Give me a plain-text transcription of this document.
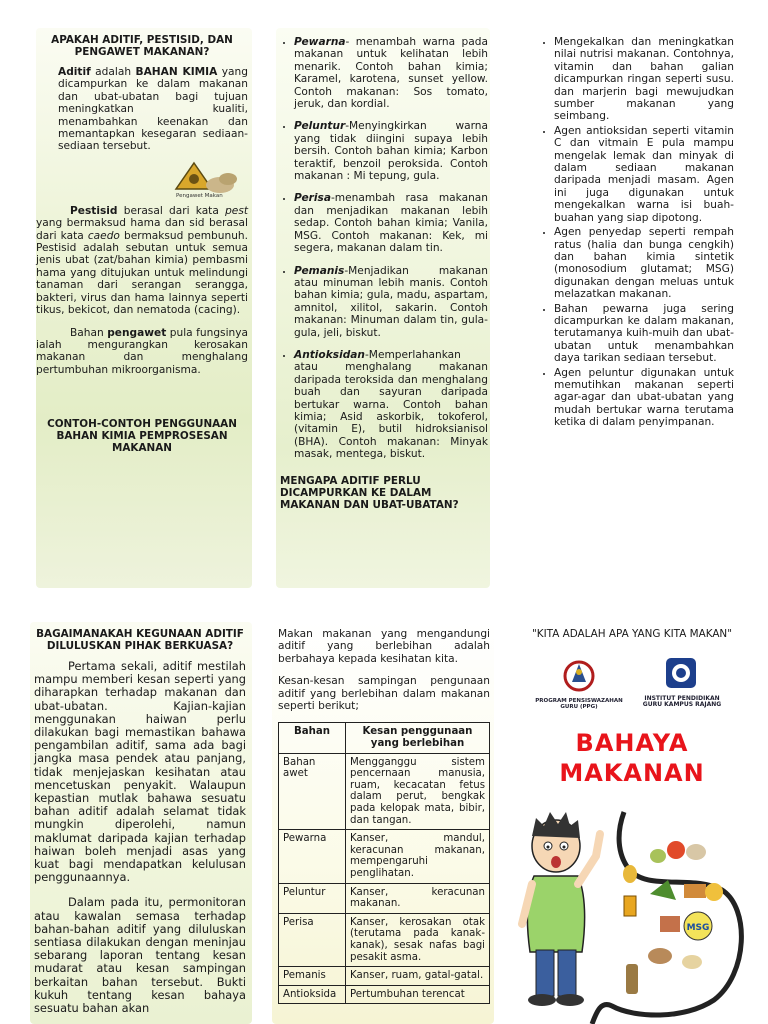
APAKAH ADITIF, PESTISID, DAN PENGAWET MAKANAN?

Aditif adalah BAHAN KIMIA yang dicampurkan ke dalam makanan dan ubat-ubatan bagi tujuan meningkatkan kualiti, menambahkan keenakan dan memantapkan kesegaran sediaan-sediaan tersebut.

Pengawet Makan

Pestisid berasal dari kata pest yang bermaksud hama dan sid berasal dari kata caedo bermaksud pembunuh. Pestisid adalah sebutan untuk semua jenis ubat (zat/bahan kimia) pembasmi hama yang ditujukan untuk melindungi tanaman dari serangan serangga, bakteri, virus dan hama lainnya seperti tikus, bekicot, dan nematoda (cacing).

Bahan pengawet pula fungsinya ialah mengurangkan kerosakan makanan dan menghalang pertumbuhan mikroorganisma.

CONTOH-CONTOH PENGGUNAAN BAHAN KIMIA PEMPROSESAN MAKANAN
• Pewarna- menambah warna pada makanan untuk kelihatan lebih menarik. Contoh bahan kimia; Karamel, karotena, sunset yellow. Contoh makanan: Sos tomato, jeruk, dan kordial.
• Peluntur-Menyingkirkan warna yang tidak diingini supaya lebih bersih. Contoh bahan kimia; Karbon teraktif, benzoil peroksida. Contoh makanan : Mi tepung, gula.
• Perisa-menambah rasa makanan dan menjadikan makanan lebih sedap. Contoh bahan kimia; Vanila, MSG. Contoh makanan: Kek, mi segera, makanan dalam tin.
• Pemanis-Menjadikan makanan atau minuman lebih manis. Contoh bahan kimia; gula, madu, aspartam, amnitol, xilitol, sakarin. Contoh makanan: Minuman dalam tin, gula-gula, jeli, biskut.
• Antioksidan-Memperlahankan atau menghalang makanan daripada teroksida dan menghalang buah dan sayuran daripada bertukar warna. Contoh bahan kimia; Asid askorbik, tokoferol, (vitamin E), butil hidroksianisol (BHA). Contoh makanan: Minyak masak, mentega, biskut.
MENGAPA ADITIF PERLU DICAMPURKAN KE DALAM MAKANAN DAN UBAT-UBATAN?
• Mengekalkan dan meningkatkan nilai nutrisi makanan. Contohnya, vitamin dan bahan galian dicampurkan ringan seperti susu. dan marjerin bagi mewujudkan sumber makanan yang seimbang.
• Agen antioksidan seperti vitamin C dan vitmain E pula mampu mengelak lemak dan minyak di dalam sediaan makanan daripada menjadi masam. Agen ini juga digunakan untuk mengekalkan warna isi buah-buahan yang siap dipotong.
• Agen penyedap seperti rempah ratus (halia dan bunga cengkih) dan bahan kimia sintetik (monosodium glutamat; MSG) digunakan dengan meluas untuk melazatkan makanan.
• Bahan pewarna juga sering dicampurkan ke dalam makanan, terutamanya kuih-muih dan ubat-ubatan untuk menambahkan daya tarikan sediaan tersebut.
• Agen peluntur digunakan untuk memutihkan makanan seperti agar-agar dan ubat-ubatan yang mudah bertukar warna terutama ketika di dalam penyimpanan.
BAGAIMANAKAH KEGUNAAN ADITIF DILULUSKAN PIHAK BERKUASA?

Pertama sekali, aditif mestilah mampu memberi kesan seperti yang diharapkan terhadap makanan dan ubat-ubatan. Kajian-kajian menggunakan haiwan perlu dilakukan bagi memastikan bahawa pengambilan aditif, sama ada bagi jangka masa pendek atau panjang, tidak menjejaskan kesihatan atau mencetuskan penyakit. Walaupun kepastian mutlak bahawa sesuatu bahan aditif adalah selamat tidak mungkin diperolehi, namun maklumat daripada kajian terhadap haiwan boleh menjadi asas yang kuat bagi mendapatkan kelulusan penggunaannya.

Dalam pada itu, permonitoran atau kawalan semasa terhadap bahan-bahan aditif yang diluluskan sentiasa dilakukan dengan meninjau sebarang laporan tentang kesan mudarat atau kesan sampingan berkaitan bahan tersebut. Bukti kukuh tentang kesan bahaya sesuatu bahan akan

Makan makanan yang mengandungi aditif yang berlebihan adalah berbahaya kepada kesihatan kita.

Kesan-kesan sampingan pengunaan aditif yang berlebihan dalam makanan seperti berikut;

Bahan	Kesan penggunaan yang berlebihan
Bahan awet	Mengganggu sistem pencernaan manusia, ruam, kecacatan fetus dalam perut, bengkak pada kelopak mata, bibir, dan tangan.
Pewarna	Kanser, mandul, keracunan makanan, mempengaruhi penglihatan.
Peluntur	Kanser, keracunan makanan.
Perisa	Kanser, kerosakan otak (terutama pada kanak-kanak), sesak nafas bagi pesakit asma.
Pemanis	Kanser, ruam, gatal-gatal.
Antioksida	Pertumbuhan terencat
"KITA ADALAH APA YANG KITA MAKAN"
PROGRAM PENSISWAZAHAN GURU (PPG)
INSTITUT PENDIDIKAN
GURU KAMPUS RAJANG
BAHAYA
MAKANAN
MSG
